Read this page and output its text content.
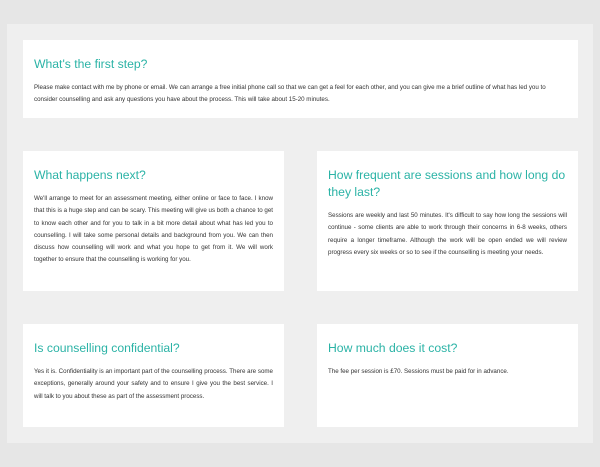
What's the first step?

Please make contact with me by phone or email. We can arrange a free initial phone call so that we can get a feel for each other, and you can give me a brief outline of what has led you to consider counselling and ask any questions you have about the process. This will take about 15-20 minutes.

What happens next?

We'll arrange to meet for an assessment meeting, either online or face to face. I know that this is a huge step and can be scary. This meeting will give us both a chance to get to know each other and for you to talk in a bit more detail about what has led you to counselling. I will take some personal details and background from you. We can then discuss how counselling will work and what you hope to get from it. We will work together to ensure that the counselling is working for you.

How frequent are sessions and how long do they last?

Sessions are weekly and last 50 minutes. It's difficult to say how long the sessions will continue - some clients are able to work through their concerns in 6-8 weeks, others require a longer timeframe. Although the work will be open ended we will review progress every six weeks or so to see if the counselling is meeting your needs.

Is counselling confidential?

Yes it is. Confidentiality is an important part of the counselling process. There are some exceptions, generally around your safety and to ensure I give you the best service. I will talk to you about these as part of the assessment process.

How much does it cost?

The fee per session is £70. Sessions must be paid for in advance.
